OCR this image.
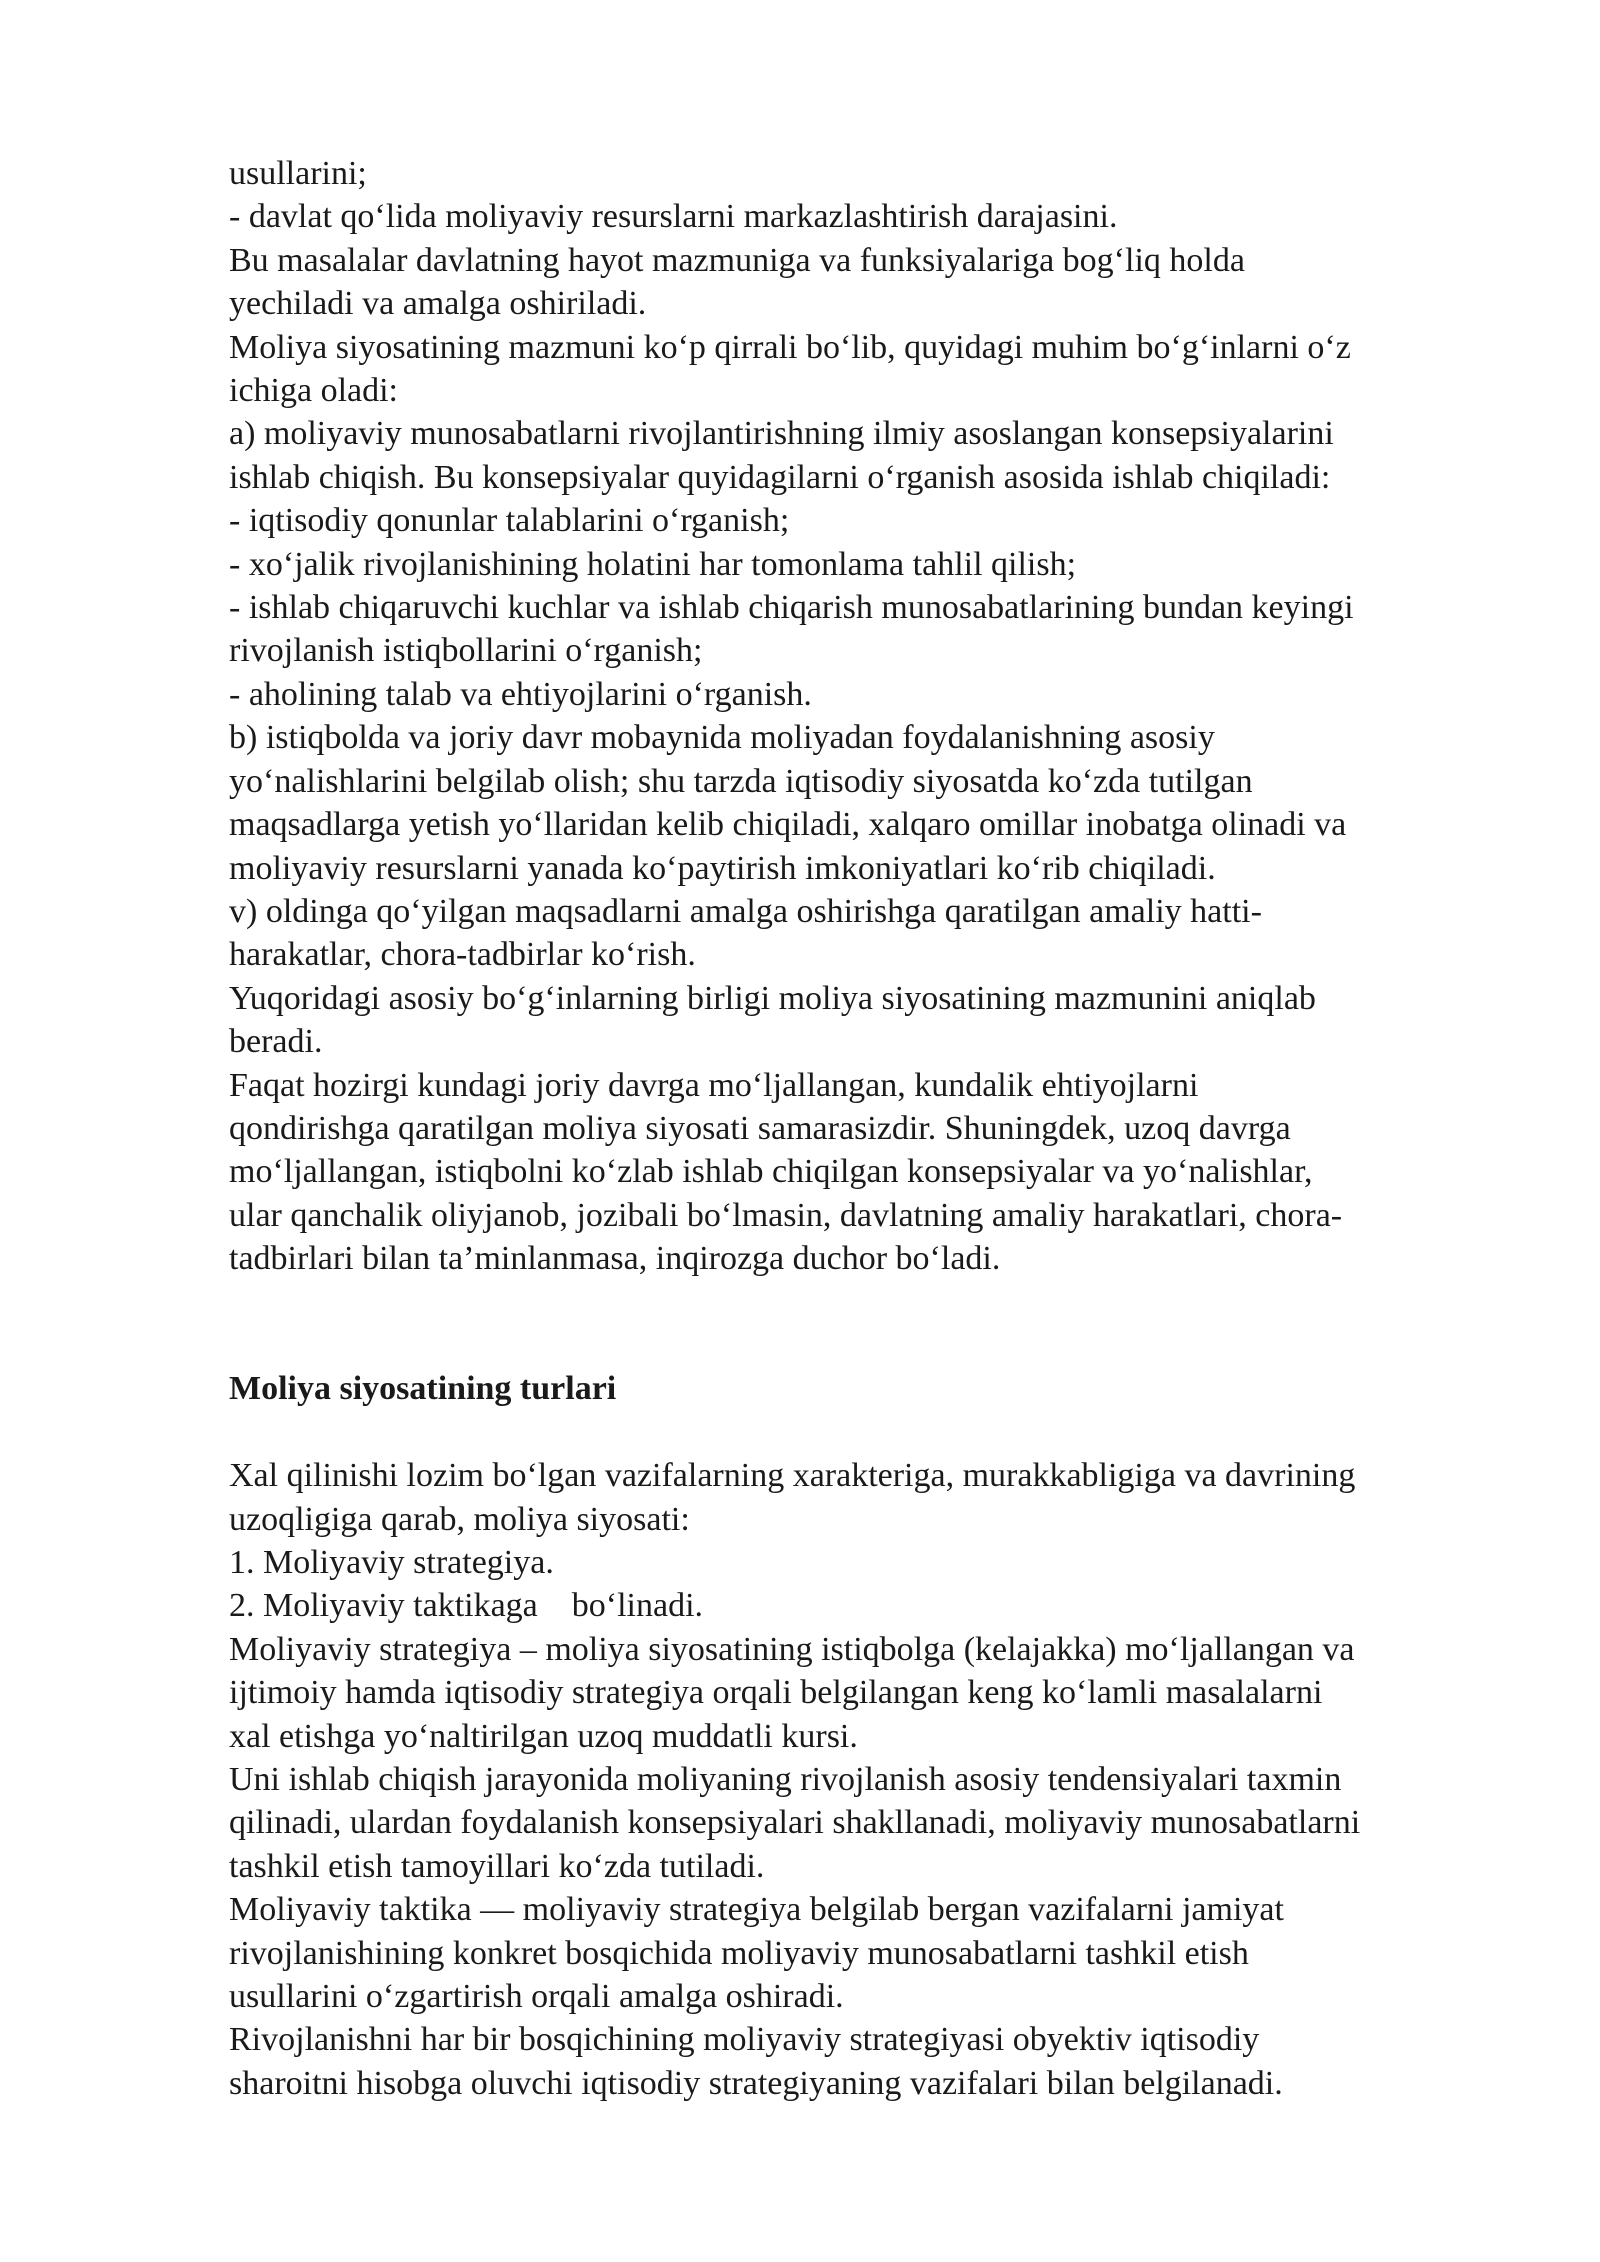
usullarini;

- davlat qo‘lida moliyaviy resurslarni markazlashtirish darajasini.

Bu masalalar davlatning hayot mazmuniga va funksiyalariga bog‘liq holda

yechiladi va amalga oshiriladi.

Moliya siyosatining mazmuni ko‘p qirrali bo‘lib, quyidagi muhim bo‘g‘inlarni o‘z

ichiga oladi:

a) moliyaviy munosabatlarni rivojlantirishning ilmiy asoslangan konsepsiyalarini

ishlab chiqish. Bu konsepsiyalar quyidagilarni o‘rganish asosida ishlab chiqiladi:

- iqtisodiy qonunlar talablarini o‘rganish;

- xo‘jalik rivojlanishining holatini har tomonlama tahlil qilish;

- ishlab chiqaruvchi kuchlar va ishlab chiqarish munosabatlarining bundan keyingi

rivojlanish istiqbollarini o‘rganish;

- aholining talab va ehtiyojlarini o‘rganish.

b) istiqbolda va joriy davr mobaynida moliyadan foydalanishning asosiy

yo‘nalishlarini belgilab olish; shu tarzda iqtisodiy siyosatda ko‘zda tutilgan

maqsadlarga yetish yo‘llaridan kelib chiqiladi, xalqaro omillar inobatga olinadi va

moliyaviy resurslarni yanada ko‘paytirish imkoniyatlari ko‘rib chiqiladi.

v) oldinga qo‘yilgan maqsadlarni amalga oshirishga qaratilgan amaliy hatti-

harakatlar, chora-tadbirlar ko‘rish.

Yuqoridagi asosiy bo‘g‘inlarning birligi moliya siyosatining mazmunini aniqlab

beradi.

Faqat hozirgi kundagi joriy davrga mo‘ljallangan, kundalik ehtiyojlarni

qondirishga qaratilgan moliya siyosati samarasizdir. Shuningdek, uzoq davrga

mo‘ljallangan, istiqbolni ko‘zlab ishlab chiqilgan konsepsiyalar va yo‘nalishlar,

ular qanchalik oliyjanob, jozibali bo‘lmasin, davlatning amaliy harakatlari, chora-

tadbirlari bilan ta’minlanmasa, inqirozga duchor bo‘ladi.

Moliya siyosatining turlari

Xal qilinishi lozim bo‘lgan vazifalarning xarakteriga, murakkabligiga va davrining

uzoqligiga qarab, moliya siyosati:

1. Moliyaviy strategiya.

2. Moliyaviy taktikaga    bo‘linadi.

Moliyaviy strategiya – moliya siyosatining istiqbolga (kelajakka) mo‘ljallangan va

ijtimoiy hamda iqtisodiy strategiya orqali belgilangan keng ko‘lamli masalalarni

xal etishga yo‘naltirilgan uzoq muddatli kursi.

Uni ishlab chiqish jarayonida moliyaning rivojlanish asosiy tendensiyalari taxmin

qilinadi, ulardan foydalanish konsepsiyalari shakllanadi, moliyaviy munosabatlarni

tashkil etish tamoyillari ko‘zda tutiladi.

Moliyaviy taktika — moliyaviy strategiya belgilab bergan vazifalarni jamiyat

rivojlanishining konkret bosqichida moliyaviy munosabatlarni tashkil etish

usullarini o‘zgartirish orqali amalga oshiradi.

Rivojlanishni har bir bosqichining moliyaviy strategiyasi obyektiv iqtisodiy

sharoitni hisobga oluvchi iqtisodiy strategiyaning vazifalari bilan belgilanadi.
